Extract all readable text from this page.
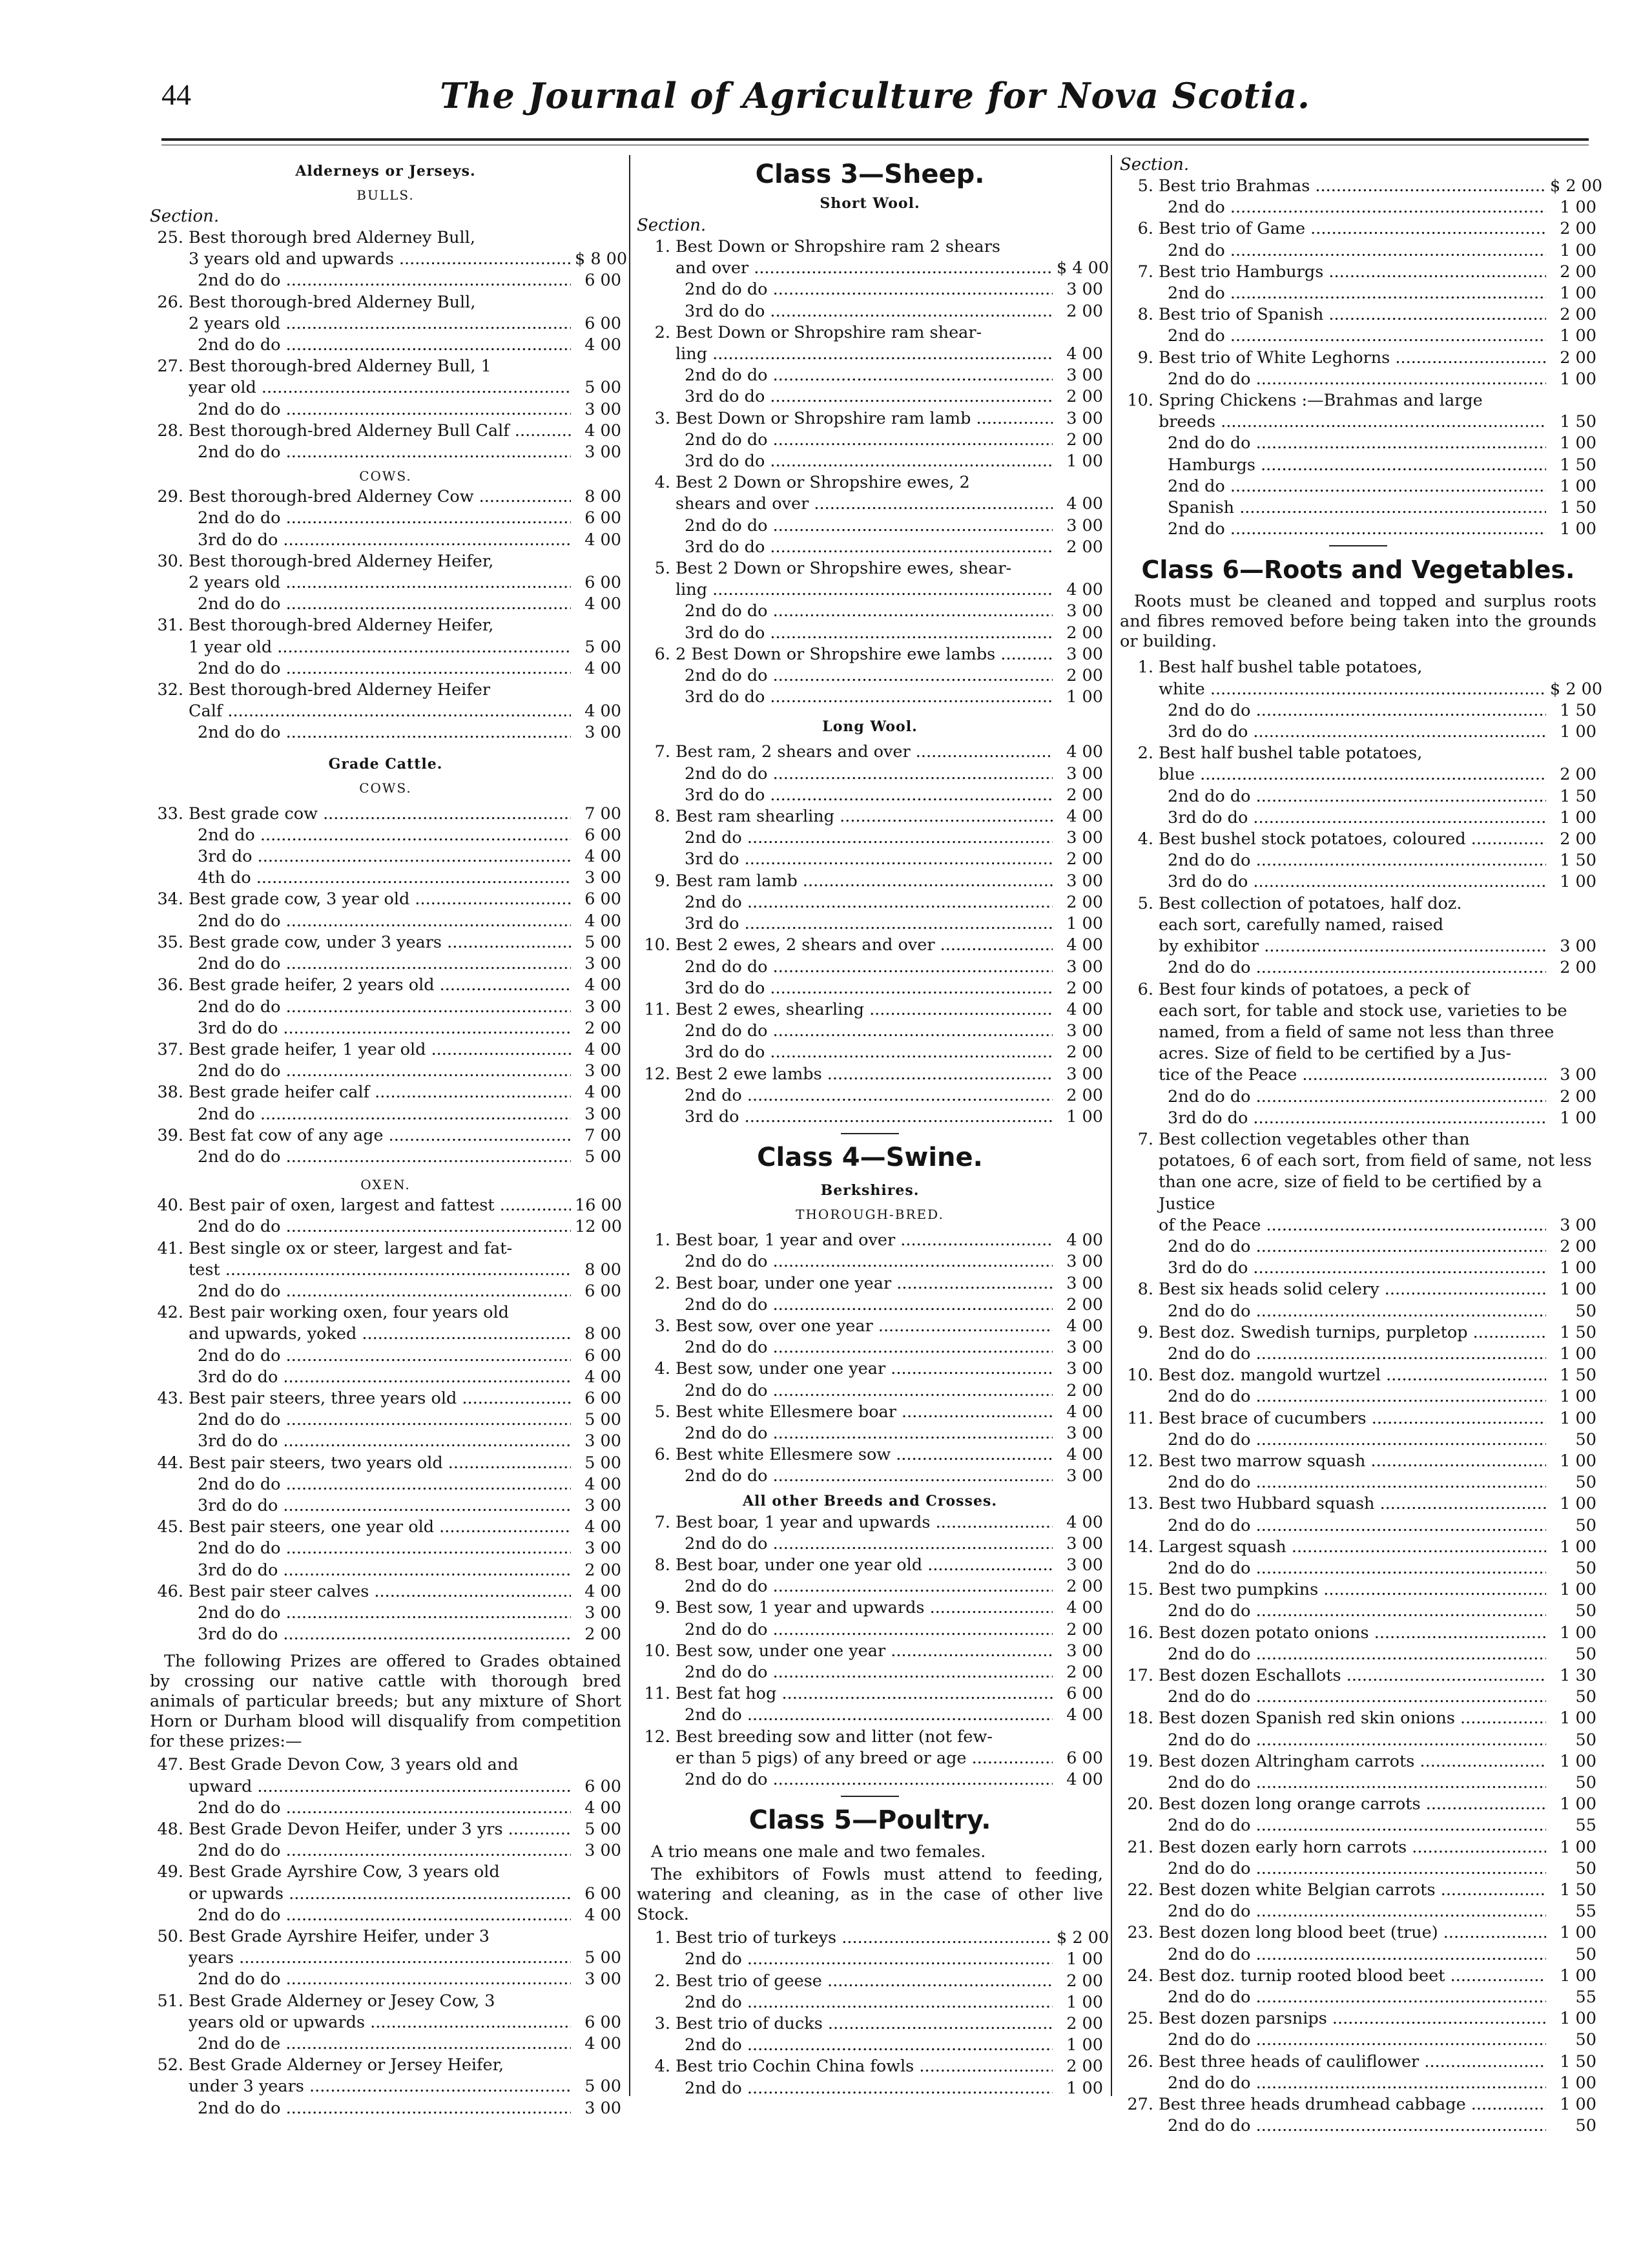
44	The Journal of Agriculture for Nova Scotia.
Alderneys or Jerseys.
BULLS.
Section.
25. Best thorough bred Alderney Bull,
3 years old and upwards .....	$ 8 00
2nd do do .....	6 00
26. Best thorough-bred Alderney Bull,
2 years old .....	6 00
2nd do do .....	4 00
27. Best thorough-bred Alderney Bull, 1
year old .....	5 00
2nd do do .....	3 00
28. Best thorough-bred Alderney Bull Calf .....	4 00
2nd do do .....	3 00
COWS.
29. Best thorough-bred Alderney Cow .....	8 00
2nd do do .....	6 00
3rd do do .....	4 00
30. Best thorough-bred Alderney Heifer,
2 years old .....	6 00
2nd do do .....	4 00
31. Best thorough-bred Alderney Heifer,
1 year old .....	5 00
2nd do do .....	4 00
32. Best thorough-bred Alderney Heifer
Calf .....	4 00
2nd do do .....	3 00
Grade Cattle.
COWS.
33. Best grade cow .....	7 00
2nd do .....	6 00
3rd do .....	4 00
4th do .....	3 00
34. Best grade cow, 3 year old .....	6 00
2nd do do .....	4 00
35. Best grade cow, under 3 years .....	5 00
2nd do do .....	3 00
36. Best grade heifer, 2 years old .....	4 00
2nd do do .....	3 00
3rd do do .....	2 00
37. Best grade heifer, 1 year old .....	4 00
2nd do do .....	3 00
38. Best grade heifer calf .....	4 00
2nd do .....	3 00
39. Best fat cow of any age .....	7 00
2nd do do .....	5 00
OXEN.
40. Best pair of oxen, largest and fattest .....	16 00
2nd do do .....	12 00
41. Best single ox or steer, largest and fat-
test .....	8 00
2nd do do .....	6 00
42. Best pair working oxen, four years old
and upwards, yoked .....	8 00
2nd do do .....	6 00
3rd do do .....	4 00
43. Best pair steers, three years old .....	6 00
2nd do do .....	5 00
3rd do do .....	3 00
44. Best pair steers, two years old .....	5 00
2nd do do .....	4 00
3rd do do .....	3 00
45. Best pair steers, one year old .....	4 00
2nd do do .....	3 00
3rd do do .....	2 00
46. Best pair steer calves .....	4 00
2nd do do .....	3 00
3rd do do .....	2 00
The following Prizes are offered to Grades obtained by crossing our native cattle with thorough bred animals of particular breeds; but any mixture of Short Horn or Durham blood will disqualify from competition for these prizes:—
47. Best Grade Devon Cow, 3 years old and
upward .....	6 00
2nd do do .....	4 00
48. Best Grade Devon Heifer, under 3 yrs .....	5 00
2nd do do .....	3 00
49. Best Grade Ayrshire Cow, 3 years old
or upwards .....	6 00
2nd do do .....	4 00
50. Best Grade Ayrshire Heifer, under 3
years .....	5 00
2nd do do .....	3 00
51. Best Grade Alderney or Jesey Cow, 3
years old or upwards .....	6 00
2nd do de .....	4 00
52. Best Grade Alderney or Jersey Heifer,
under 3 years .....	5 00
2nd do do .....	3 00
Class 3—Sheep.
Short Wool.
Section.
1. Best Down or Shropshire ram 2 shears
and over .....	$ 4 00
2nd do do .....	3 00
3rd do do .....	2 00
2. Best Down or Shropshire ram shear-
ling .....	4 00
2nd do do .....	3 00
3rd do do .....	2 00
3. Best Down or Shropshire ram lamb .....	3 00
2nd do do .....	2 00
3rd do do .....	1 00
4. Best 2 Down or Shropshire ewes, 2
shears and over .....	4 00
2nd do do .....	3 00
3rd do do .....	2 00
5. Best 2 Down or Shropshire ewes, shear-
ling .....	4 00
2nd do do .....	3 00
3rd do do .....	2 00
6. 2 Best Down or Shropshire ewe lambs .....	3 00
2nd do do .....	2 00
3rd do do .....	1 00
Long Wool.
7. Best ram, 2 shears and over .....	4 00
2nd do do .....	3 00
3rd do do .....	2 00
8. Best ram shearling .....	4 00
2nd do .....	3 00
3rd do .....	2 00
9. Best ram lamb .....	3 00
2nd do .....	2 00
3rd do .....	1 00
10. Best 2 ewes, 2 shears and over .....	4 00
2nd do do .....	3 00
3rd do do .....	2 00
11. Best 2 ewes, shearling .....	4 00
2nd do do .....	3 00
3rd do do .....	2 00
12. Best 2 ewe lambs .....	3 00
2nd do .....	2 00
3rd do .....	1 00
Class 4—Swine.
Berkshires.
THOROUGH-BRED.
1. Best boar, 1 year and over .....	4 00
2nd do do .....	3 00
2. Best boar, under one year .....	3 00
2nd do do .....	2 00
3. Best sow, over one year .....	4 00
2nd do do .....	3 00
4. Best sow, under one year .....	3 00
2nd do do .....	2 00
5. Best white Ellesmere boar .....	4 00
2nd do do .....	3 00
6. Best white Ellesmere sow .....	4 00
2nd do do .....	3 00
All other Breeds and Crosses.
7. Best boar, 1 year and upwards .....	4 00
2nd do do .....	3 00
8. Best boar, under one year old .....	3 00
2nd do do .....	2 00
9. Best sow, 1 year and upwards .....	4 00
2nd do do .....	2 00
10. Best sow, under one year .....	3 00
2nd do do .....	2 00
11. Best fat hog .....	6 00
2nd do .....	4 00
12. Best breeding sow and litter (not few-
er than 5 pigs) of any breed or age .....	6 00
2nd do do .....	4 00
Class 5—Poultry.
A trio means one male and two females.
The exhibitors of Fowls must attend to feeding, watering and cleaning, as in the case of other live Stock.
1. Best trio of turkeys .....	$ 2 00
2nd do .....	1 00
2. Best trio of geese .....	2 00
2nd do .....	1 00
3. Best trio of ducks .....	2 00
2nd do .....	1 00
4. Best trio Cochin China fowls .....	2 00
2nd do .....	1 00
Section.
5. Best trio Brahmas .....	$ 2 00
2nd do .....	1 00
6. Best trio of Game .....	2 00
2nd do .....	1 00
7. Best trio Hamburgs .....	2 00
2nd do .....	1 00
8. Best trio of Spanish .....	2 00
2nd do .....	1 00
9. Best trio of White Leghorns .....	2 00
2nd do do .....	1 00
10. Spring Chickens :—Brahmas and large
breeds .....	1 50
2nd do do .....	1 00
Hamburgs .....	1 50
2nd do .....	1 00
Spanish .....	1 50
2nd do .....	1 00
Class 6—Roots and Vegetables.
Roots must be cleaned and topped and surplus roots and fibres removed before being taken into the grounds or building.
1. Best half bushel table potatoes,
white .....	$ 2 00
2nd do do .....	1 50
3rd do do .....	1 00
2. Best half bushel table potatoes,
blue .....	2 00
2nd do do .....	1 50
3rd do do .....	1 00
4. Best bushel stock potatoes, coloured .....	2 00
2nd do do .....	1 50
3rd do do .....	1 00
5. Best collection of potatoes, half doz.
each sort, carefully named, raised
by exhibitor .....	3 00
2nd do do .....	2 00
6. Best four kinds of potatoes, a peck of
each sort, for table and stock use, varieties to be named, from a field of same not less than three acres. Size of field to be certified by a Jus-
tice of the Peace .....	3 00
2nd do do .....	2 00
3rd do do .....	1 00
7. Best collection vegetables other than
potatoes, 6 of each sort, from field of same, not less than one acre, size of field to be certified by a Justice
of the Peace .....	3 00
2nd do do .....	2 00
3rd do do .....	1 00
8. Best six heads solid celery .....	1 00
2nd do do .....	50
9. Best doz. Swedish turnips, purpletop .....	1 50
2nd do do .....	1 00
10. Best doz. mangold wurtzel .....	1 50
2nd do do .....	1 00
11. Best brace of cucumbers .....	1 00
2nd do do .....	50
12. Best two marrow squash .....	1 00
2nd do do .....	50
13. Best two Hubbard squash .....	1 00
2nd do do .....	50
14. Largest squash .....	1 00
2nd do do .....	50
15. Best two pumpkins .....	1 00
2nd do do .....	50
16. Best dozen potato onions .....	1 00
2nd do do .....	50
17. Best dozen Eschallots .....	1 30
2nd do do .....	50
18. Best dozen Spanish red skin onions .....	1 00
2nd do do .....	50
19. Best dozen Altringham carrots .....	1 00
2nd do do .....	50
20. Best dozen long orange carrots .....	1 00
2nd do do .....	55
21. Best dozen early horn carrots .....	1 00
2nd do do .....	50
22. Best dozen white Belgian carrots .....	1 50
2nd do do .....	55
23. Best dozen long blood beet (true) .....	1 00
2nd do do .....	50
24. Best doz. turnip rooted blood beet .....	1 00
2nd do do .....	55
25. Best dozen parsnips .....	1 00
2nd do do .....	50
26. Best three heads of cauliflower .....	1 50
2nd do do .....	1 00
27. Best three heads drumhead cabbage .....	1 00
2nd do do .....	50
